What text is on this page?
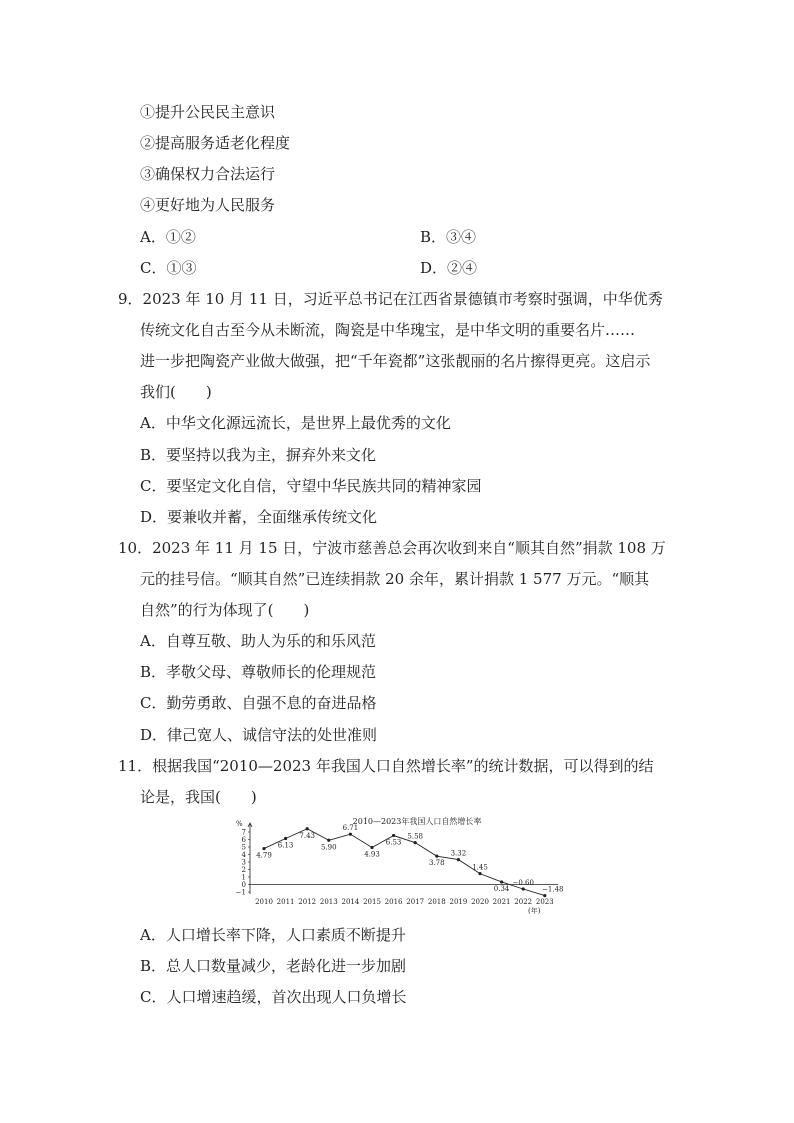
①提升公民民主意识
②提高服务适老化程度
③确保权力合法运行
④更好地为人民服务
A．①②	B．③④
C．①③	D．②④
9．2023 年 10 月 11 日，习近平总书记在江西省景德镇市考察时强调，中华优秀
传统文化自古至今从未断流，陶瓷是中华瑰宝，是中华文明的重要名片……
进一步把陶瓷产业做大做强，把“千年瓷都”这张靓丽的名片擦得更亮。这启示
我们(　　)
A．中华文化源远流长，是世界上最优秀的文化
B．要坚持以我为主，摒弃外来文化
C．要坚定文化自信，守望中华民族共同的精神家园
D．要兼收并蓄，全面继承传统文化
10．2023 年 11 月 15 日，宁波市慈善总会再次收到来自“顺其自然”捐款 108 万
元的挂号信。“顺其自然”已连续捐款 20 余年，累计捐款 1 577 万元。“顺其
自然”的行为体现了(　　)
A．自尊互敬、助人为乐的和乐风范
B．孝敬父母、尊敬师长的伦理规范
C．勤劳勇敢、自强不息的奋进品格
D．律己宽人、诚信守法的处世准则
11．根据我国“2010—2023 年我国人口自然增长率”的统计数据，可以得到的结
论是，我国(　　)
2010—2023年我国人口自然增长率
%
(年)
−1
0
1
2
3
4
5
6
7
2010 2011 2012 2013 2014 2015 2016 2017 2018 2019 2020 2021 2022 2023
4.79
6.13
7.43
5.90
6.71
4.93
6.53
5.58
3.78
3.32
1.45
0.34
−0.60
−1.48
A．人口增长率下降，人口素质不断提升
B．总人口数量减少，老龄化进一步加剧
C．人口增速趋缓，首次出现人口负增长
